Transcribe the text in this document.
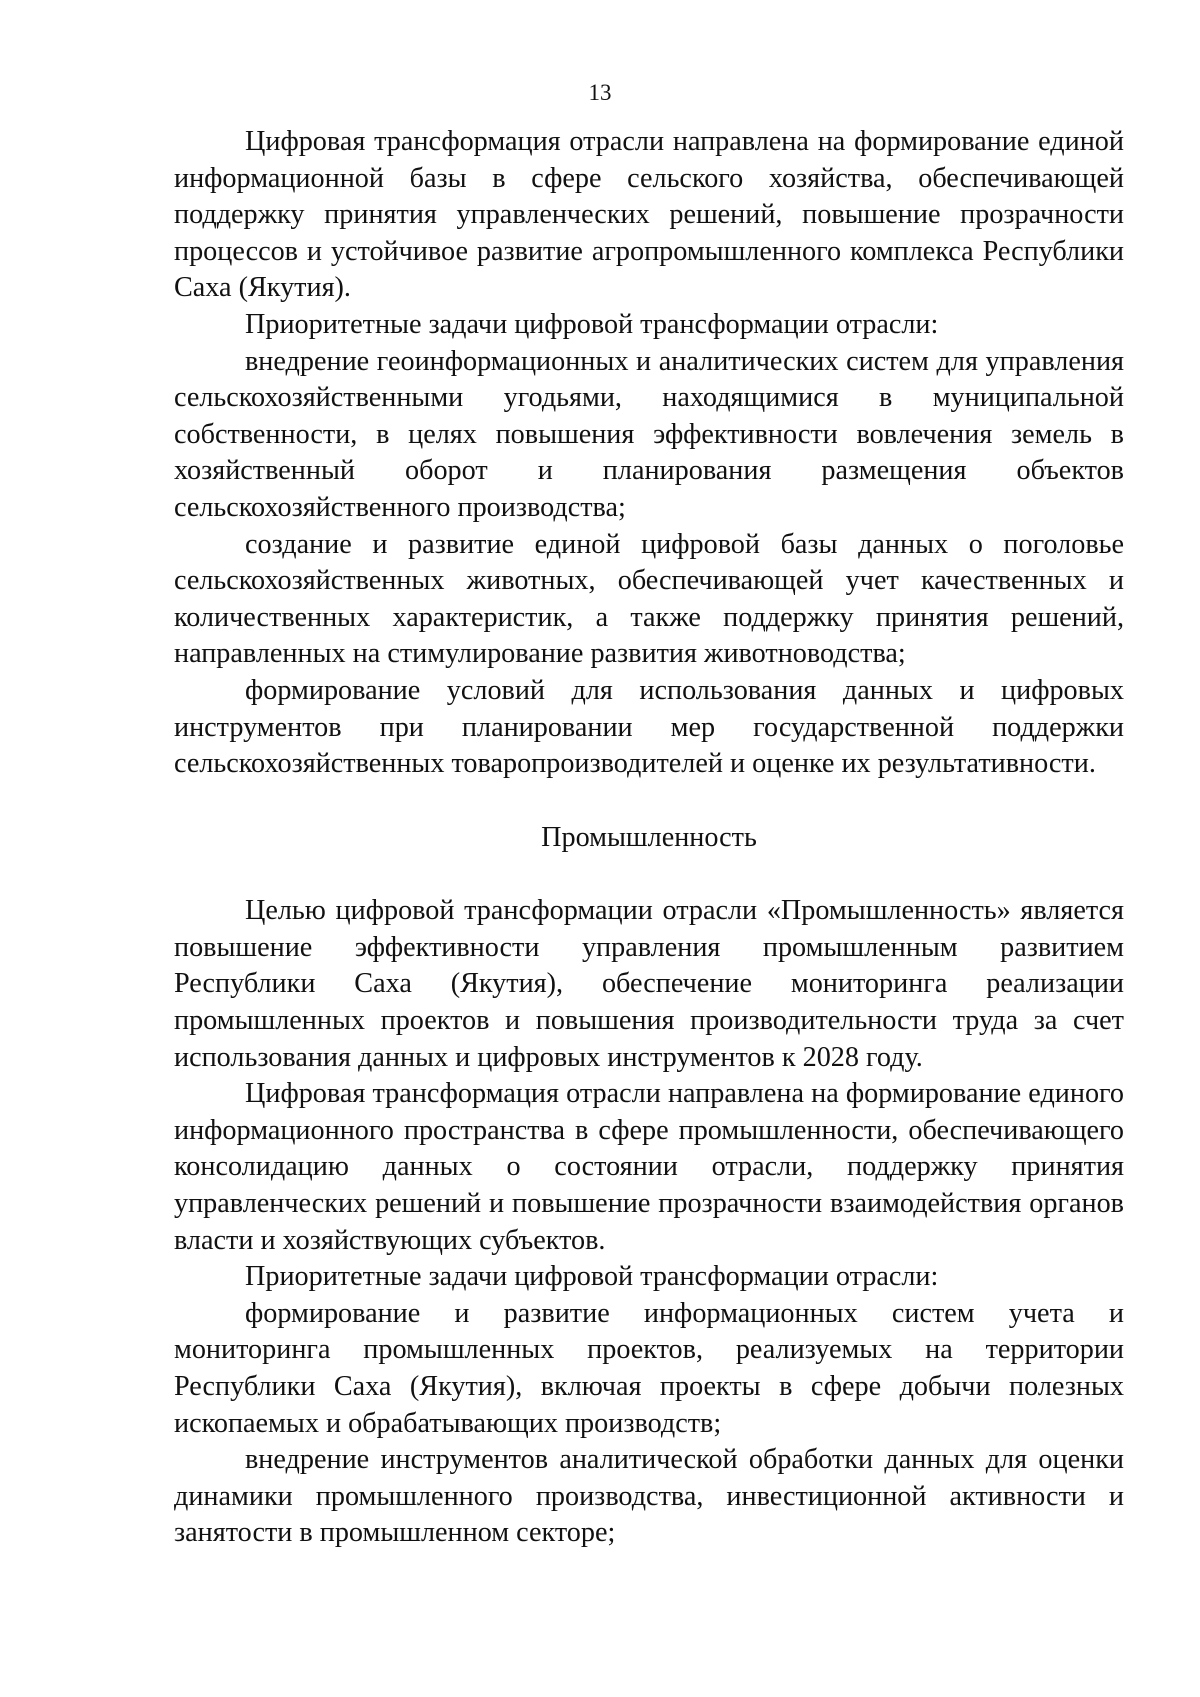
13

Цифровая трансформация отрасли направлена на формирование единой информационной базы в сфере сельского хозяйства, обеспечивающей поддержку принятия управленческих решений, повышение прозрачности процессов и устойчивое развитие агропромышленного комплекса Республики Саха (Якутия).

Приоритетные задачи цифровой трансформации отрасли:

внедрение геоинформационных и аналитических систем для управления сельскохозяйственными угодьями, находящимися в муниципальной собственности, в целях повышения эффективности вовлечения земель в хозяйственный оборот и планирования размещения объектов сельскохозяйственного производства;

создание и развитие единой цифровой базы данных о поголовье сельскохозяйственных животных, обеспечивающей учет качественных и количественных характеристик, а также поддержку принятия решений, направленных на стимулирование развития животноводства;

формирование условий для использования данных и цифровых инструментов при планировании мер государственной поддержки сельскохозяйственных товаропроизводителей и оценке их результативности.

Промышленность

Целью цифровой трансформации отрасли «Промышленность» является повышение эффективности управления промышленным развитием Республики Саха (Якутия), обеспечение мониторинга реализации промышленных проектов и повышения производительности труда за счет использования данных и цифровых инструментов к 2028 году.

Цифровая трансформация отрасли направлена на формирование единого информационного пространства в сфере промышленности, обеспечивающего консолидацию данных о состоянии отрасли, поддержку принятия управленческих решений и повышение прозрачности взаимодействия органов власти и хозяйствующих субъектов.

Приоритетные задачи цифровой трансформации отрасли:

формирование и развитие информационных систем учета и мониторинга промышленных проектов, реализуемых на территории Республики Саха (Якутия), включая проекты в сфере добычи полезных ископаемых и обрабатывающих производств;

внедрение инструментов аналитической обработки данных для оценки динамики промышленного производства, инвестиционной активности и занятости в промышленном секторе;
